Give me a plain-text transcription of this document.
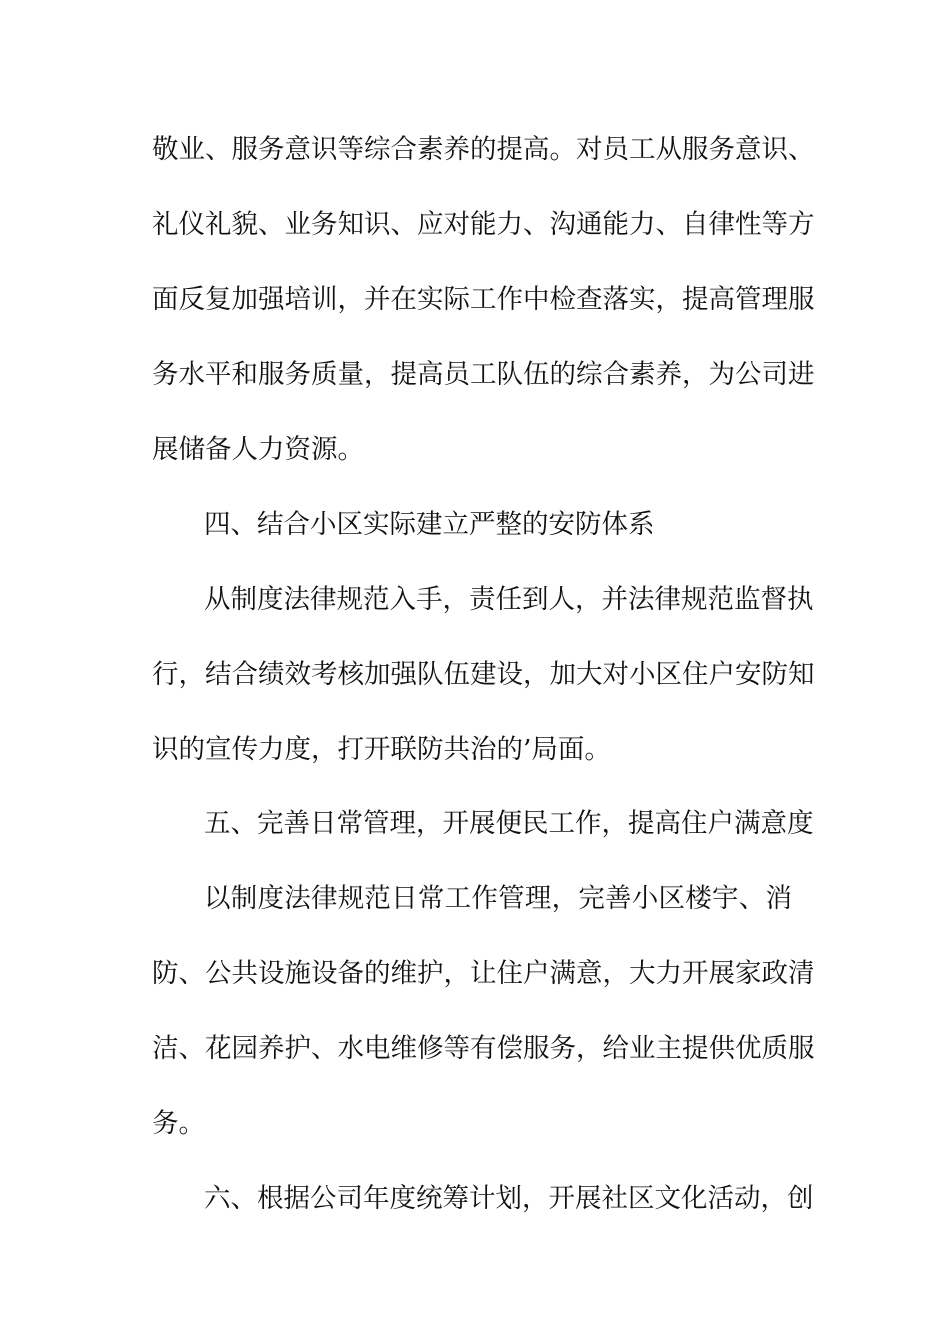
敬业、服务意识等综合素养的提高。对员工从服务意识、
礼仪礼貌、业务知识、应对能力、沟通能力、自律性等方
面反复加强培训，并在实际工作中检查落实，提高管理服
务水平和服务质量，提高员工队伍的综合素养，为公司进
展储备人力资源。
四、结合小区实际建立严整的安防体系
从制度法律规范入手，责任到人，并法律规范监督执
行，结合绩效考核加强队伍建设，加大对小区住户安防知
识的宣传力度，打开联防共治的’局面。
五、完善日常管理，开展便民工作，提高住户满意度
以制度法律规范日常工作管理，完善小区楼宇、消
防、公共设施设备的维护，让住户满意，大力开展家政清
洁、花园养护、水电维修等有偿服务，给业主提供优质服
务。
六、根据公司年度统筹计划，开展社区文化活动，创
